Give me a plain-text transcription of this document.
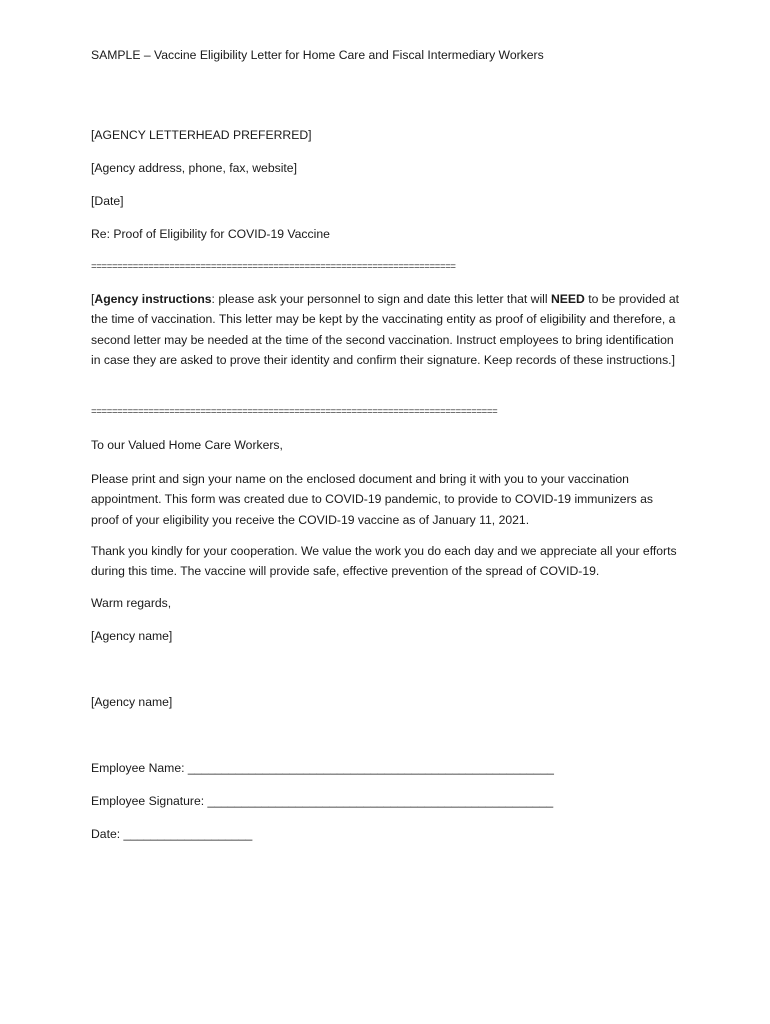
SAMPLE – Vaccine Eligibility Letter for Home Care and Fiscal Intermediary Workers
[AGENCY LETTERHEAD PREFERRED]
[Agency address, phone, fax, website]
[Date]
Re: Proof of Eligibility for COVID-19 Vaccine
======================================================================
[Agency instructions: please ask your personnel to sign and date this letter that will NEED to be provided at the time of vaccination. This letter may be kept by the vaccinating entity as proof of eligibility and therefore, a second letter may be needed at the time of the second vaccination. Instruct employees to bring identification in case they are asked to prove their identity and confirm their signature. Keep records of these instructions.]
==============================================================================
To our Valued Home Care Workers,
Please print and sign your name on the enclosed document and bring it with you to your vaccination appointment. This form was created due to COVID-19 pandemic, to provide to COVID-19 immunizers as proof of your eligibility you receive the COVID-19 vaccine as of January 11, 2021.
Thank you kindly for your cooperation. We value the work you do each day and we appreciate all your efforts during this time. The vaccine will provide safe, effective prevention of the spread of COVID-19.
Warm regards,
[Agency name]
[Agency name]
Employee Name: ______________________________________________________
Employee Signature: ___________________________________________________
Date: ___________________
